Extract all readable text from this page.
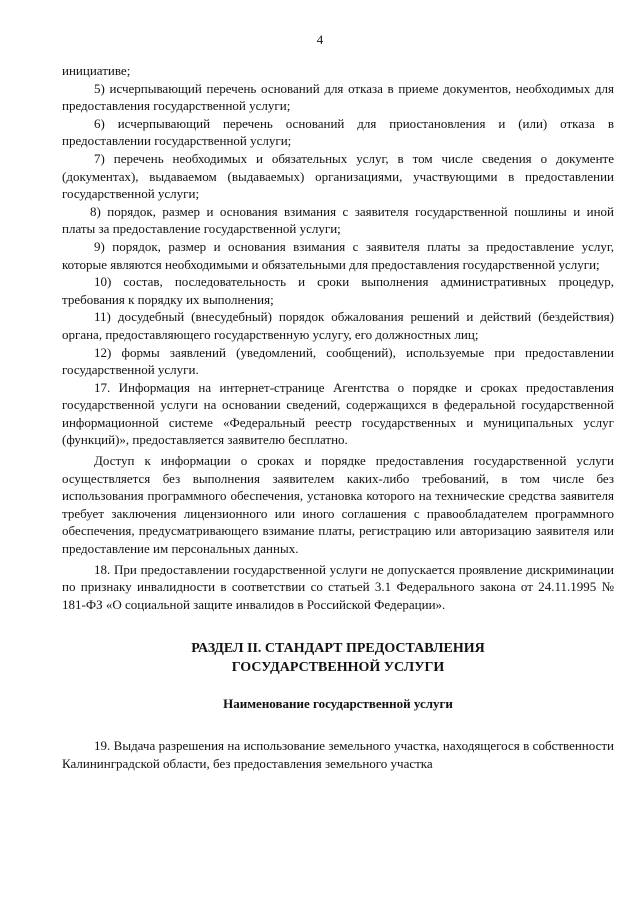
4

инициативе;

5) исчерпывающий перечень оснований для отказа в приеме документов, необходимых для предоставления государственной услуги;

6) исчерпывающий перечень оснований для приостановления и (или) отказа в предоставлении государственной услуги;

7) перечень необходимых и обязательных услуг, в том числе сведения о документе (документах), выдаваемом (выдаваемых) организациями, участвующими в предоставлении государственной услуги;

8) порядок, размер и основания взимания с заявителя государственной пошлины и иной платы за предоставление государственной услуги;

9) порядок, размер и основания взимания с заявителя платы за предоставление услуг, которые являются необходимыми и обязательными для предоставления государственной услуги;

10) состав, последовательность и сроки выполнения административных процедур, требования к порядку их выполнения;

11) досудебный (внесудебный) порядок обжалования решений и действий (бездействия) органа, предоставляющего государственную услугу, его должностных лиц;

12) формы заявлений (уведомлений, сообщений), используемые при предоставлении государственной услуги.

17. Информация на интернет-странице Агентства о порядке и сроках предоставления государственной услуги на основании сведений, содержащихся в федеральной государственной информационной системе «Федеральный реестр государственных и муниципальных услуг (функций)», предоставляется заявителю бесплатно.

Доступ к информации о сроках и порядке предоставления государственной услуги осуществляется без выполнения заявителем каких-либо требований, в том числе без использования программного обеспечения, установка которого на технические средства заявителя требует заключения лицензионного или иного соглашения с правообладателем программного обеспечения, предусматривающего взимание платы, регистрацию или авторизацию заявителя или предоставление им персональных данных.

18. При предоставлении государственной услуги не допускается проявление дискриминации по признаку инвалидности в соответствии со статьей 3.1 Федерального закона от 24.11.1995 № 181-ФЗ «О социальной защите инвалидов в Российской Федерации».

РАЗДЕЛ II. СТАНДАРТ ПРЕДОСТАВЛЕНИЯ
ГОСУДАРСТВЕННОЙ УСЛУГИ

Наименование государственной услуги

19. Выдача разрешения на использование земельного участка, находящегося в собственности Калининградской области, без предоставления земельного участка
